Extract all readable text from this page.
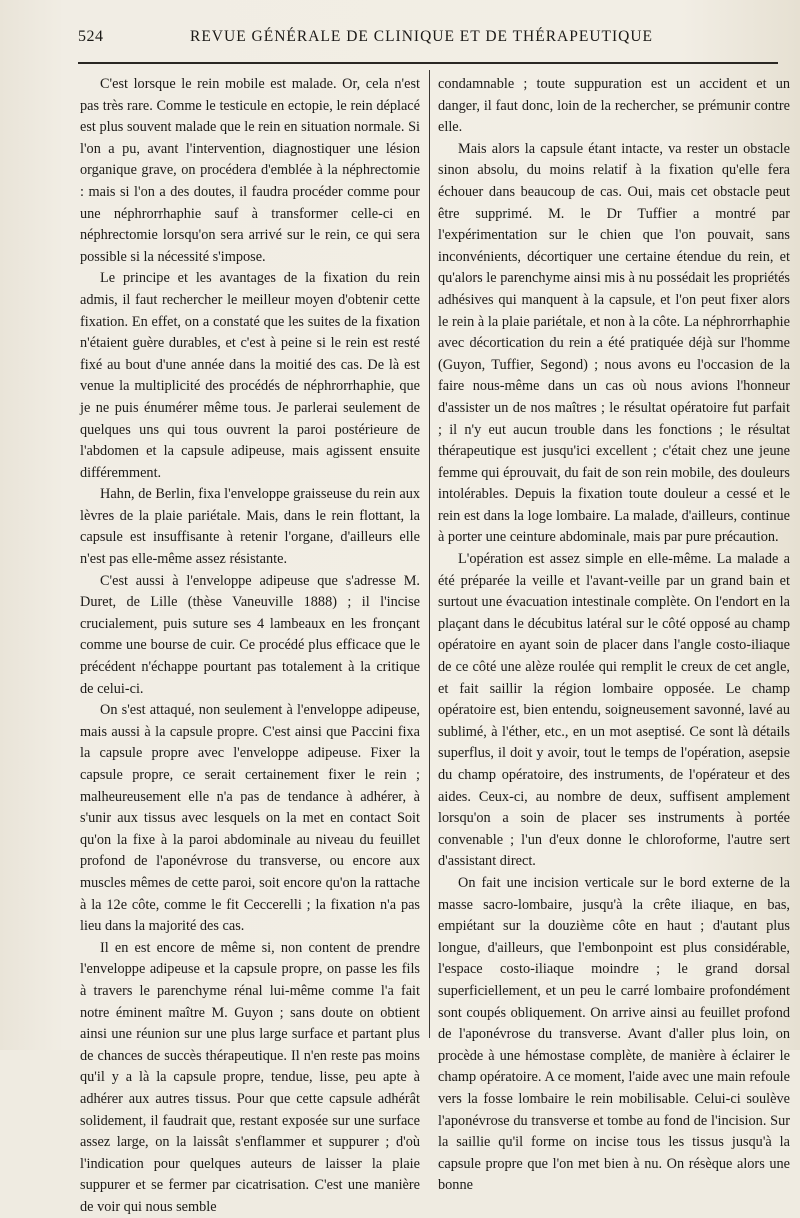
524	REVUE GÉNÉRALE DE CLINIQUE ET DE THÉRAPEUTIQUE

C'est lorsque le rein mobile est malade. Or, cela n'est pas très rare. Comme le testicule en ectopie, le rein déplacé est plus souvent malade que le rein en situation normale. Si l'on a pu, avant l'intervention, diagnostiquer une lésion organique grave, on procédera d'emblée à la néphrectomie : mais si l'on a des doutes, il faudra procéder comme pour une néphrorrhaphie sauf à transformer celle-ci en néphrectomie lorsqu'on sera arrivé sur le rein, ce qui sera possible si la nécessité s'impose.

Le principe et les avantages de la fixation du rein admis, il faut rechercher le meilleur moyen d'obtenir cette fixation. En effet, on a constaté que les suites de la fixation n'étaient guère durables, et c'est à peine si le rein est resté fixé au bout d'une année dans la moitié des cas. De là est venue la multiplicité des procédés de néphrorrhaphie, que je ne puis énumérer même tous. Je parlerai seulement de quelques uns qui tous ouvrent la paroi postérieure de l'abdomen et la capsule adipeuse, mais agissent ensuite différemment.

Hahn, de Berlin, fixa l'enveloppe graisseuse du rein aux lèvres de la plaie pariétale. Mais, dans le rein flottant, la capsule est insuffisante à retenir l'organe, d'ailleurs elle n'est pas elle-même assez résistante.

C'est aussi à l'enveloppe adipeuse que s'adresse M. Duret, de Lille (thèse Vaneuville 1888) ; il l'incise crucialement, puis suture ses 4 lambeaux en les fronçant comme une bourse de cuir. Ce procédé plus efficace que le précédent n'échappe pourtant pas totalement à la critique de celui-ci.

On s'est attaqué, non seulement à l'enveloppe adipeuse, mais aussi à la capsule propre. C'est ainsi que Paccini fixa la capsule propre avec l'enveloppe adipeuse. Fixer la capsule propre, ce serait certainement fixer le rein ; malheureusement elle n'a pas de tendance à adhérer, à s'unir aux tissus avec lesquels on la met en contact Soit qu'on la fixe à la paroi abdominale au niveau du feuillet profond de l'aponévrose du transverse, ou encore aux muscles mêmes de cette paroi, soit encore qu'on la rattache à la 12e côte, comme le fit Ceccerelli ; la fixation n'a pas lieu dans la majorité des cas.

Il en est encore de même si, non content de prendre l'enveloppe adipeuse et la capsule propre, on passe les fils à travers le parenchyme rénal lui-même comme l'a fait notre éminent maître M. Guyon ; sans doute on obtient ainsi une réunion sur une plus large surface et partant plus de chances de succès thérapeutique. Il n'en reste pas moins qu'il y a là la capsule propre, tendue, lisse, peu apte à adhérer aux autres tissus. Pour que cette capsule adhérât solidement, il faudrait que, restant exposée sur une surface assez large, on la laissât s'enflammer et suppurer ; d'où l'indication pour quelques auteurs de laisser la plaie suppurer et se fermer par cicatrisation. C'est une manière de voir qui nous semble

condamnable ; toute suppuration est un accident et un danger, il faut donc, loin de la rechercher, se prémunir contre elle.

Mais alors la capsule étant intacte, va rester un obstacle sinon absolu, du moins relatif à la fixation qu'elle fera échouer dans beaucoup de cas. Oui, mais cet obstacle peut être supprimé. M. le Dr Tuffier a montré par l'expérimentation sur le chien que l'on pouvait, sans inconvénients, décortiquer une certaine étendue du rein, et qu'alors le parenchyme ainsi mis à nu possédait les propriétés adhésives qui manquent à la capsule, et l'on peut fixer alors le rein à la plaie pariétale, et non à la côte. La néphrorrhaphie avec décortication du rein a été pratiquée déjà sur l'homme (Guyon, Tuffier, Segond) ; nous avons eu l'occasion de la faire nous-même dans un cas où nous avions l'honneur d'assister un de nos maîtres ; le résultat opératoire fut parfait ; il n'y eut aucun trouble dans les fonctions ; le résultat thérapeutique est jusqu'ici excellent ; c'était chez une jeune femme qui éprouvait, du fait de son rein mobile, des douleurs intolérables. Depuis la fixation toute douleur a cessé et le rein est dans la loge lombaire. La malade, d'ailleurs, continue à porter une ceinture abdominale, mais par pure précaution.

L'opération est assez simple en elle-même. La malade a été préparée la veille et l'avant-veille par un grand bain et surtout une évacuation intestinale complète. On l'endort en la plaçant dans le décubitus latéral sur le côté opposé au champ opératoire en ayant soin de placer dans l'angle costo-iliaque de ce côté une alèze roulée qui remplit le creux de cet angle, et fait saillir la région lombaire opposée. Le champ opératoire est, bien entendu, soigneusement savonné, lavé au sublimé, à l'éther, etc., en un mot aseptisé. Ce sont là détails superflus, il doit y avoir, tout le temps de l'opération, asepsie du champ opératoire, des instruments, de l'opérateur et des aides. Ceux-ci, au nombre de deux, suffisent amplement lorsqu'on a soin de placer ses instruments à portée convenable ; l'un d'eux donne le chloroforme, l'autre sert d'assistant direct.

On fait une incision verticale sur le bord externe de la masse sacro-lombaire, jusqu'à la crête iliaque, en bas, empiétant sur la douzième côte en haut ; d'autant plus longue, d'ailleurs, que l'embonpoint est plus considérable, l'espace costo-iliaque moindre ; le grand dorsal superficiellement, et un peu le carré lombaire profondément sont coupés obliquement. On arrive ainsi au feuillet profond de l'aponévrose du transverse. Avant d'aller plus loin, on procède à une hémostase complète, de manière à éclairer le champ opératoire. A ce moment, l'aide avec une main refoule vers la fosse lombaire le rein mobilisable. Celui-ci soulève l'aponévrose du transverse et tombe au fond de l'incision. Sur la saillie qu'il forme on incise tous les tissus jusqu'à la capsule propre que l'on met bien à nu. On résèque alors une bonne
